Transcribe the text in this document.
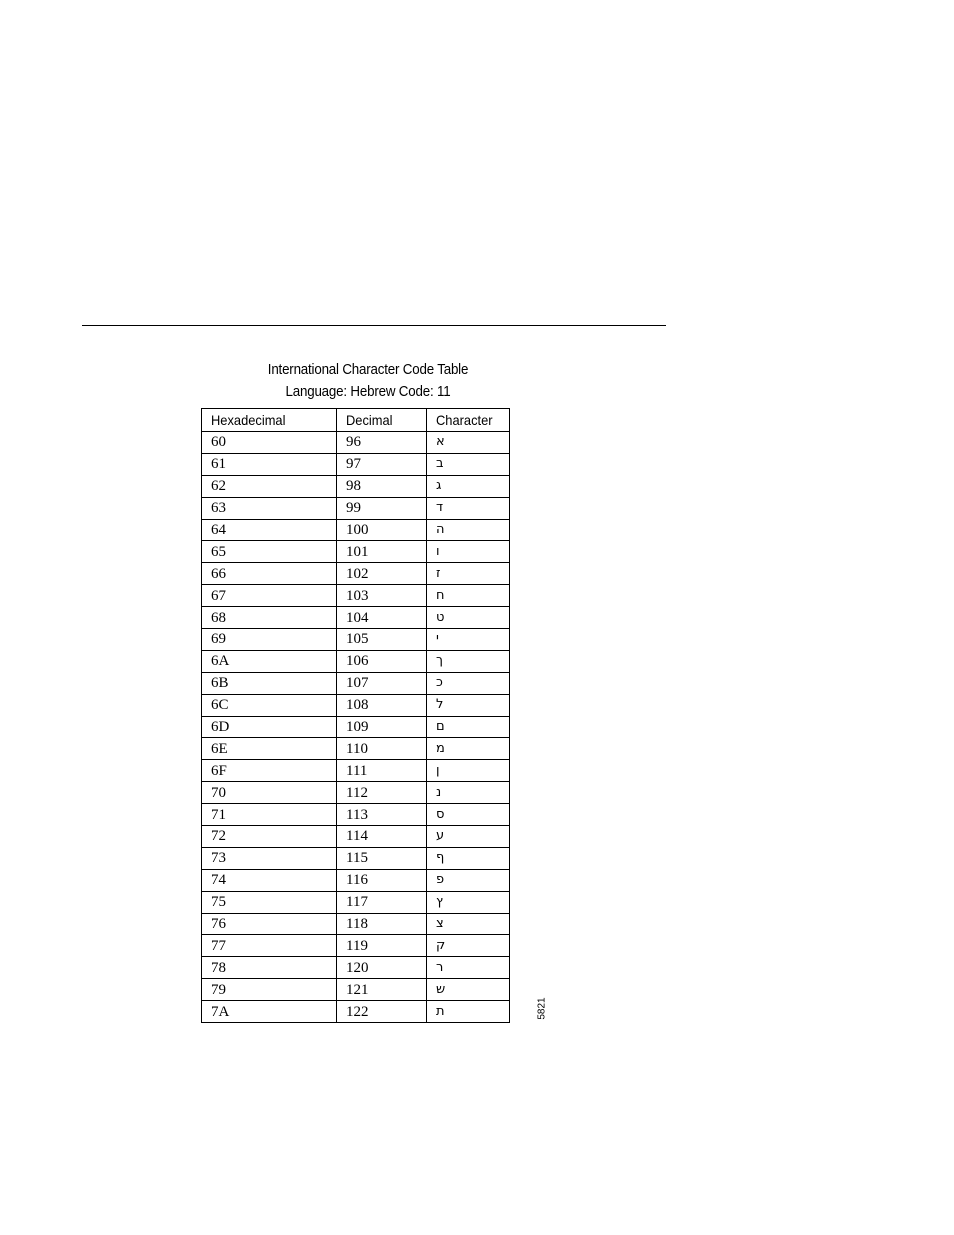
International Character Code Table
Language: Hebrew Code: 11
Hexadecimal	Decimal	Character
60	96	א
61	97	ב
62	98	ג
63	99	ד
64	100	ה
65	101	ו
66	102	ז
67	103	ח
68	104	ט
69	105	י
6A	106	ך
6B	107	כ
6C	108	ל
6D	109	ם
6E	110	מ
6F	111	ן
70	112	נ
71	113	ס
72	114	ע
73	115	ף
74	116	פ
75	117	ץ
76	118	צ
77	119	ק
78	120	ר
79	121	ש
7A	122	ת	5821
